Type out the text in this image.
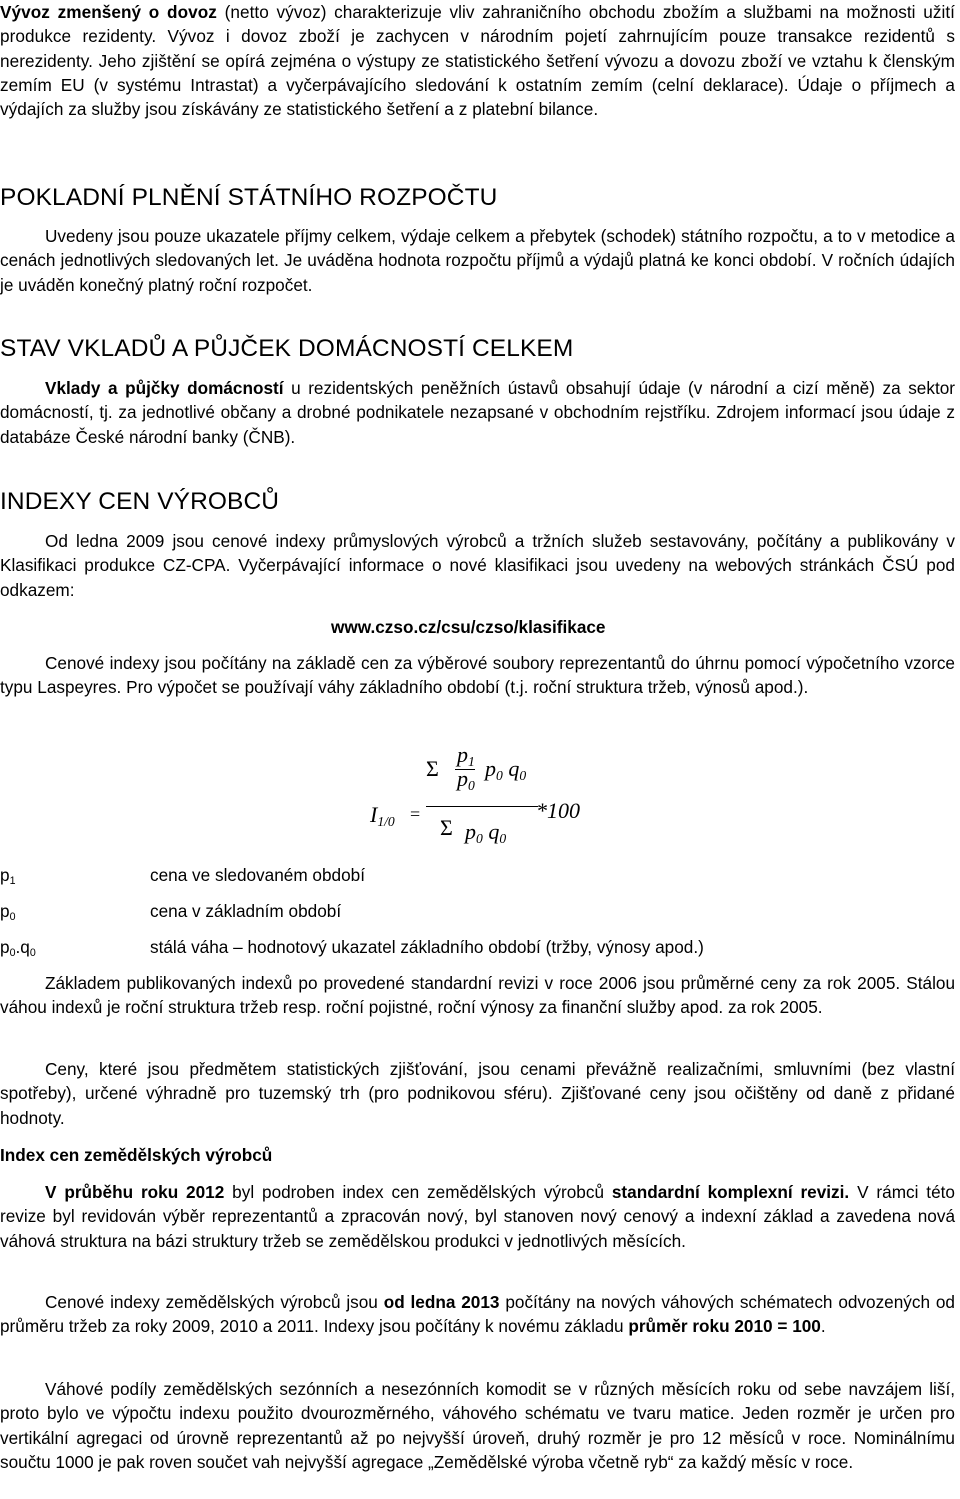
Vývoz zmenšený o dovoz (netto vývoz) charakterizuje vliv zahraničního obchodu zbožím a službami na možnosti užití produkce rezidenty. Vývoz i dovoz zboží je zachycen v národním pojetí zahrnujícím pouze transakce rezidentů s nerezidenty. Jeho zjištění se opírá zejména o výstupy ze statistického šetření vývozu a dovozu zboží ve vztahu k členským zemím EU (v systému Intrastat) a vyčerpávajícího sledování k ostatním zemím (celní deklarace). Údaje o příjmech a výdajích za služby jsou získávány ze statistického šetření a z platební bilance.

POKLADNÍ PLNĚNÍ STÁTNÍHO ROZPOČTU

Uvedeny jsou pouze ukazatele příjmy celkem, výdaje celkem a přebytek (schodek) státního rozpočtu, a to v metodice a cenách jednotlivých sledovaných let. Je uváděna hodnota rozpočtu příjmů a výdajů platná ke konci období. V ročních údajích je uváděn konečný platný roční rozpočet.

STAV VKLADŮ A PŮJČEK DOMÁCNOSTÍ CELKEM

Vklady a půjčky domácností u rezidentských peněžních ústavů obsahují údaje (v národní a cizí měně) za sektor domácností, tj. za jednotlivé občany a drobné podnikatele nezapsané v obchodním rejstříku. Zdrojem informací jsou údaje z databáze České národní banky (ČNB).

INDEXY CEN VÝROBCŮ

Od ledna 2009 jsou cenové indexy průmyslových výrobců a tržních služeb sestavovány, počítány a publikovány v Klasifikaci produkce CZ-CPA. Vyčerpávající informace o nové klasifikaci jsou uvedeny na webových stránkách ČSÚ pod odkazem:

www.czso.cz/csu/czso/klasifikace

Cenové indexy jsou počítány na základě cen za výběrové soubory reprezentantů do úhrnu pomocí výpočetního vzorce typu Laspeyres. Pro výpočet se používají váhy základního období (t.j. roční struktura tržeb, výnosů apod.).

Σ
$p_1$
$p_0$
$p_0$ $q_0$
$I_{1/0}$ =	*100
Σ $p_0$ $q_0$
$p_1$	cena ve sledovaném období
$p_0$	cena v základním období
$p_0.q_0$	stálá váha – hodnotový ukazatel základního období (tržby, výnosy apod.)

Základem publikovaných indexů po provedené standardní revizi v roce 2006 jsou průměrné ceny za rok 2005. Stálou váhou indexů je roční struktura tržeb resp. roční pojistné, roční výnosy za finanční služby apod. za rok 2005.

Ceny, které jsou předmětem statistických zjišťování, jsou cenami převážně realizačními, smluvními (bez vlastní spotřeby), určené výhradně pro tuzemský trh (pro podnikovou sféru). Zjišťované ceny jsou očištěny od daně z přidané hodnoty.

Index cen zemědělských výrobců

V průběhu roku 2012 byl podroben index cen zemědělských výrobců standardní komplexní revizi. V rámci této revize byl revidován výběr reprezentantů a zpracován nový, byl stanoven nový cenový a indexní základ a zavedena nová váhová struktura na bázi struktury tržeb se zemědělskou produkci v jednotlivých měsících.

Cenové indexy zemědělských výrobců jsou od ledna 2013 počítány na nových váhových schématech odvozených od průměru tržeb za roky 2009, 2010 a 2011. Indexy jsou počítány k novému základu průměr roku 2010 = 100.

Váhové podíly zemědělských sezónních a nesezónních komodit se v různých měsících roku od sebe navzájem liší, proto bylo ve výpočtu indexu použito dvourozměrného, váhového schématu ve tvaru matice. Jeden rozměr je určen pro vertikální agregaci od úrovně reprezentantů až po nejvyšší úroveň, druhý rozměr je pro 12 měsíců v roce. Nominálnímu součtu 1000 je pak roven součet vah nejvyšší agregace „Zemědělské výroba včetně ryb“ za každý měsíc v roce.
